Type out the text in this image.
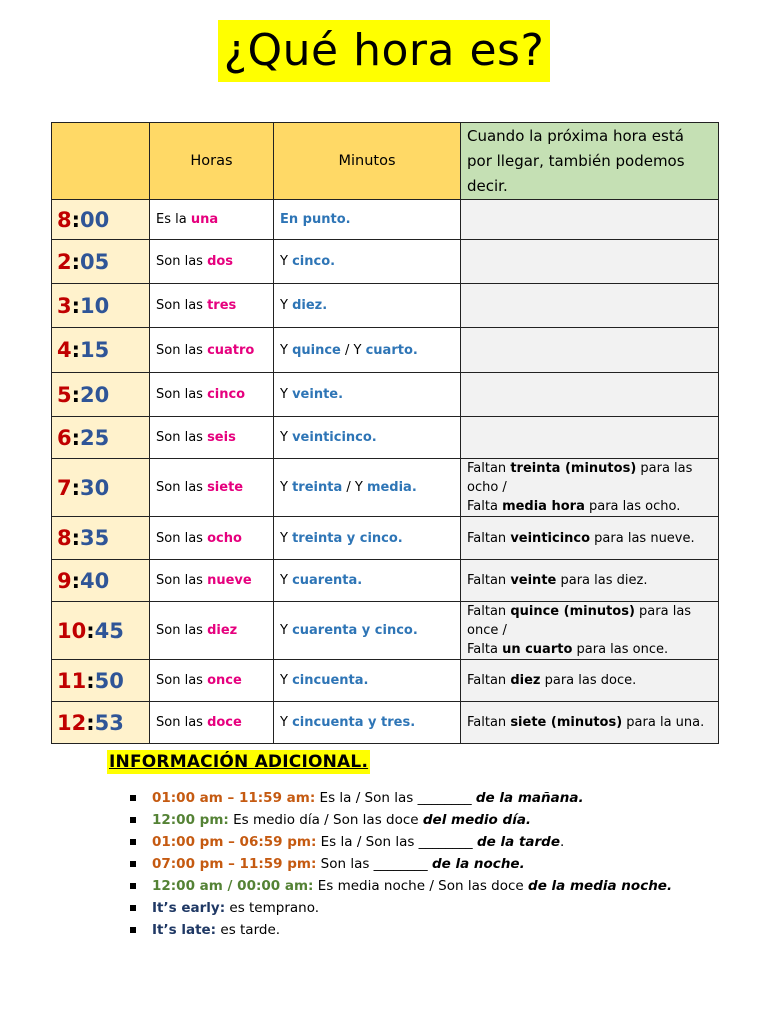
¿Qué hora es?
	Horas	Minutos	Cuando la próxima hora está por llegar, también podemos decir.
8:00	Es la una	En punto.	
2:05	Son las dos	Y cinco.	
3:10	Son las tres	Y diez.	
4:15	Son las cuatro	Y quince / Y cuarto.	
5:20	Son las cinco	Y veinte.	
6:25	Son las seis	Y veinticinco.	
7:30	Son las siete	Y treinta / Y media.	Faltan treinta (minutos) para las ocho /
Falta media hora para las ocho.
8:35	Son las ocho	Y treinta y cinco.	Faltan veinticinco para las nueve.
9:40	Son las nueve	Y cuarenta.	Faltan veinte para las diez.
10:45	Son las diez	Y cuarenta y cinco.	Faltan quince (minutos) para las once /
Falta un cuarto para las once.
11:50	Son las once	Y cincuenta.	Faltan diez para las doce.
12:53	Son las doce	Y cincuenta y tres.	Faltan siete (minutos) para la una.
INFORMACIÓN ADICIONAL.
01:00 am – 11:59 am: Es la / Son las ________ de la mañana.
12:00 pm: Es medio día / Son las doce del medio día.
01:00 pm – 06:59 pm: Es la / Son las ________ de la tarde.
07:00 pm – 11:59 pm: Son las ________ de la noche.
12:00 am / 00:00 am: Es media noche / Son las doce de la media noche.
It’s early: es temprano.
It’s late: es tarde.
